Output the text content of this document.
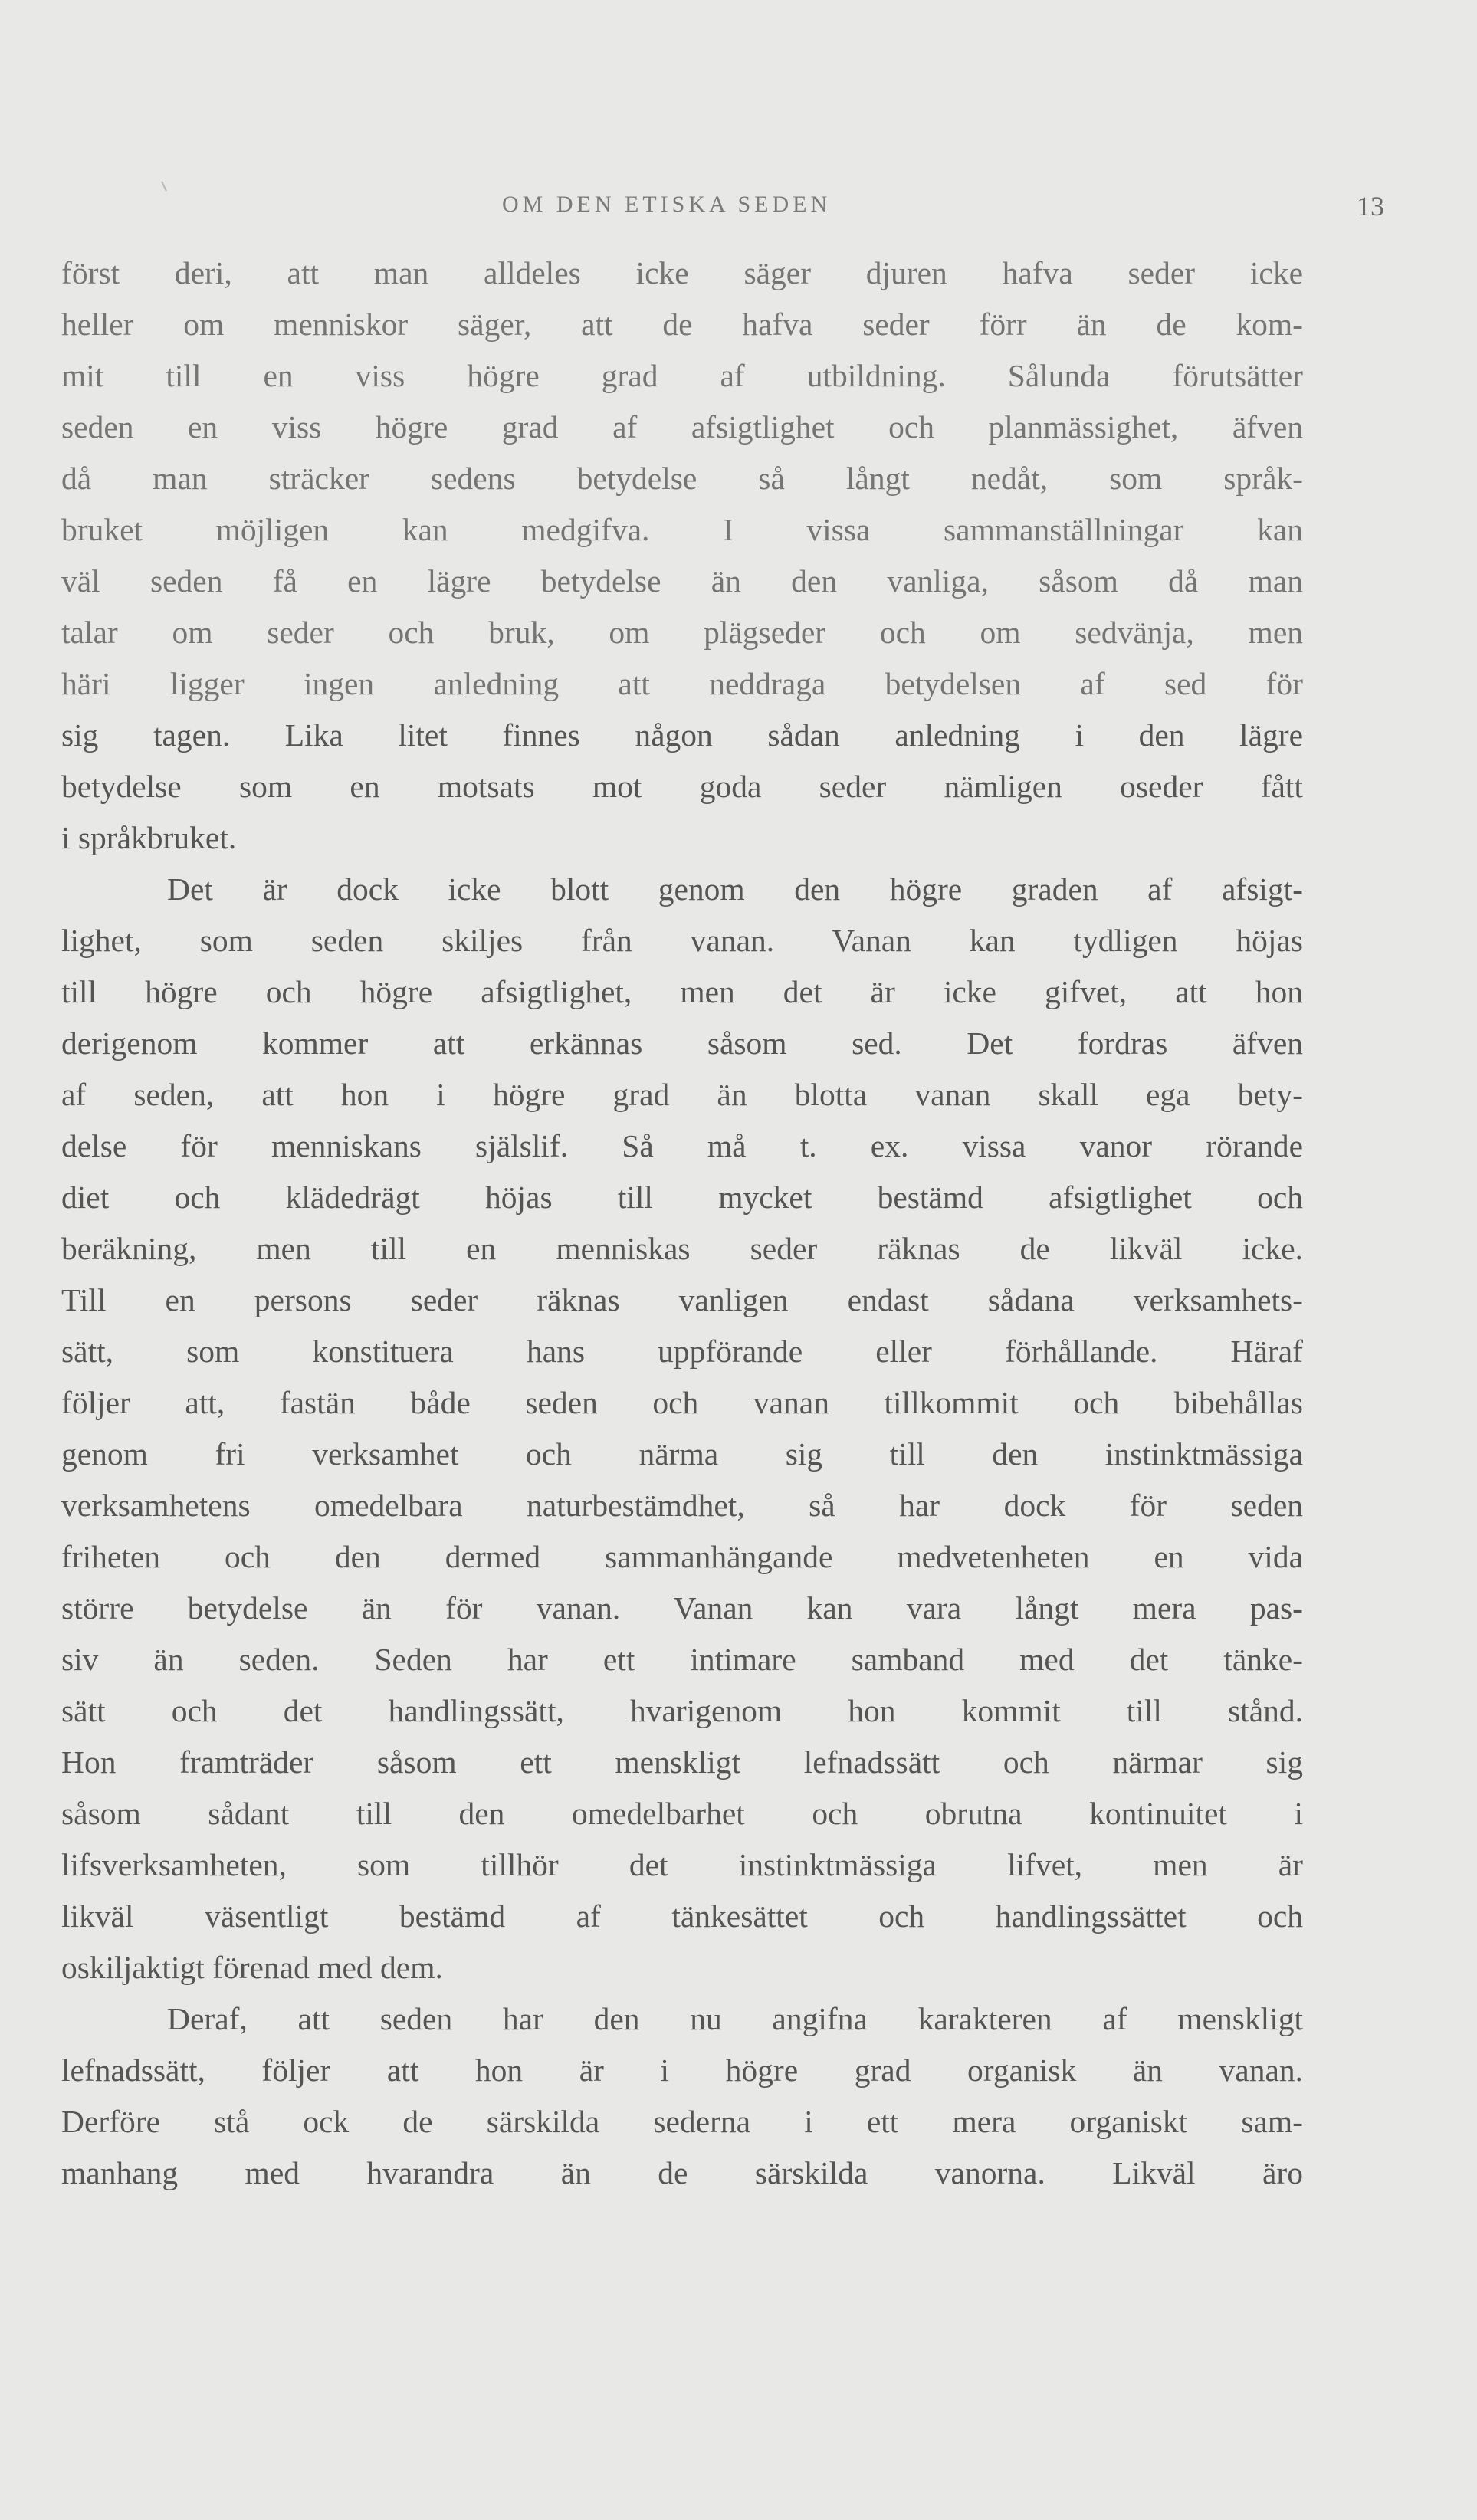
OM DEN ETISKA SEDEN	13
först deri, att man alldeles icke säger djuren hafva seder icke
heller om menniskor säger, att de hafva seder förr än de kom-
mit till en viss högre grad af utbildning. Sålunda förutsätter
seden en viss högre grad af afsigtlighet och planmässighet, äfven
då man sträcker sedens betydelse så långt nedåt, som språk-
bruket möjligen kan medgifva. I vissa sammanställningar kan
väl seden få en lägre betydelse än den vanliga, såsom då man
talar om seder och bruk, om plägseder och om sedvänja, men
häri ligger ingen anledning att neddraga betydelsen af sed för
sig tagen. Lika litet finnes någon sådan anledning i den lägre
betydelse som en motsats mot goda seder nämligen oseder fått
i språkbruket.
Det är dock icke blott genom den högre graden af afsigt-
lighet, som seden skiljes från vanan. Vanan kan tydligen höjas
till högre och högre afsigtlighet, men det är icke gifvet, att hon
derigenom kommer att erkännas såsom sed. Det fordras äfven
af seden, att hon i högre grad än blotta vanan skall ega bety-
delse för menniskans själslif. Så må t. ex. vissa vanor rörande
diet och klädedrägt höjas till mycket bestämd afsigtlighet och
beräkning, men till en menniskas seder räknas de likväl icke.
Till en persons seder räknas vanligen endast sådana verksamhets-
sätt, som konstituera hans uppförande eller förhållande. Häraf
följer att, fastän både seden och vanan tillkommit och bibehållas
genom fri verksamhet och närma sig till den instinktmässiga
verksamhetens omedelbara naturbestämdhet, så har dock för seden
friheten och den dermed sammanhängande medvetenheten en vida
större betydelse än för vanan. Vanan kan vara långt mera pas-
siv än seden. Seden har ett intimare samband med det tänke-
sätt och det handlingssätt, hvarigenom hon kommit till stånd.
Hon framträder såsom ett menskligt lefnadssätt och närmar sig
såsom sådant till den omedelbarhet och obrutna kontinuitet i
lifsverksamheten, som tillhör det instinktmässiga lifvet, men är
likväl väsentligt bestämd af tänkesättet och handlingssättet och
oskiljaktigt förenad med dem.
Deraf, att seden har den nu angifna karakteren af menskligt
lefnadssätt, följer att hon är i högre grad organisk än vanan.
Derföre stå ock de särskilda sederna i ett mera organiskt sam-
manhang med hvarandra än de särskilda vanorna. Likväl äro
